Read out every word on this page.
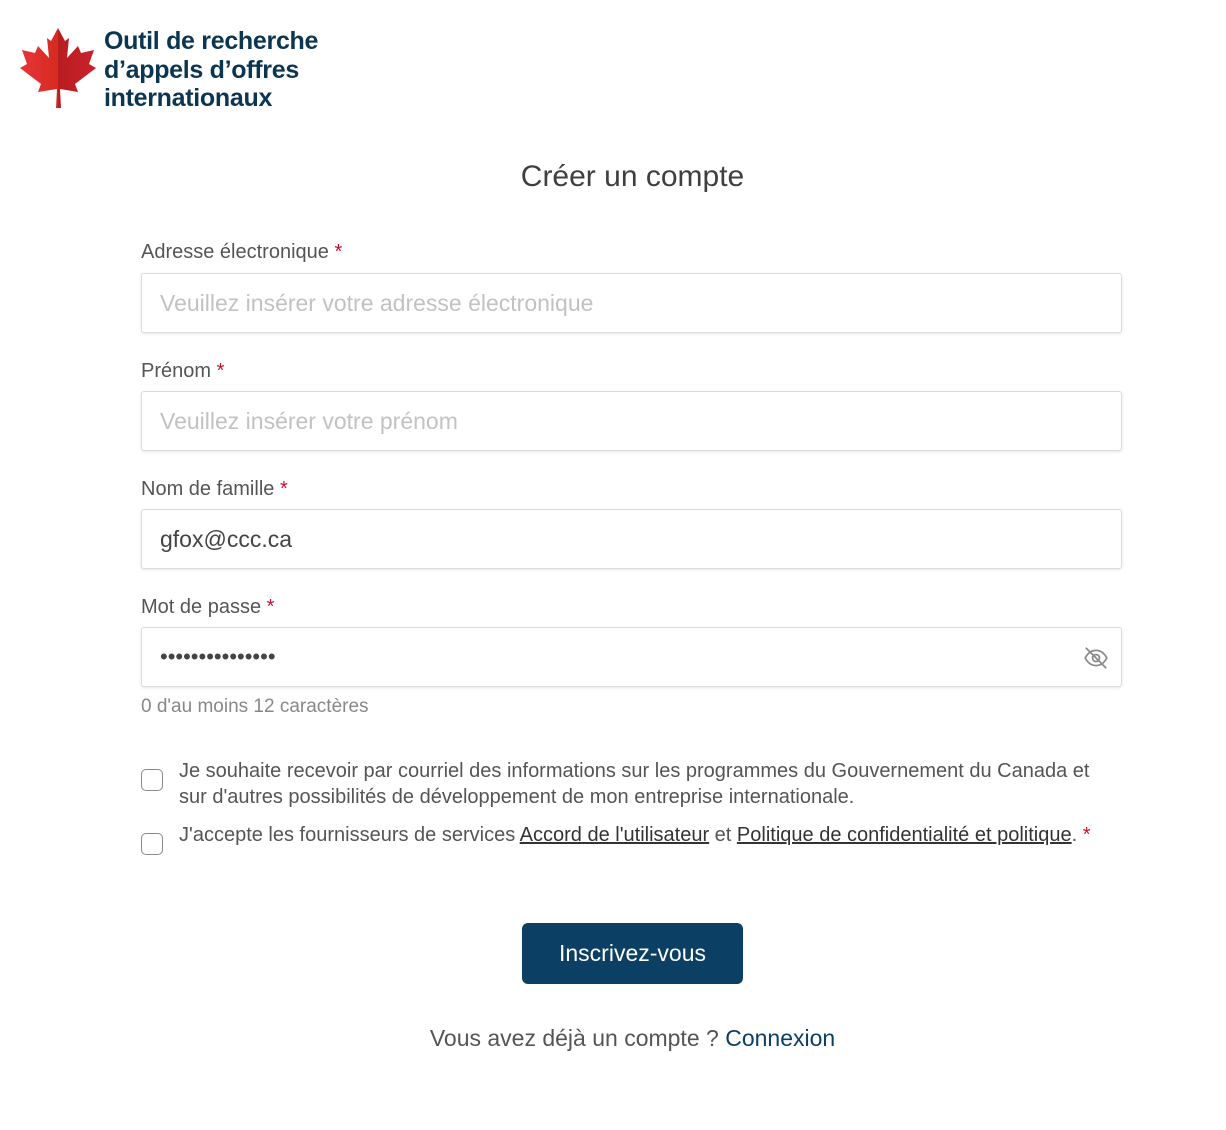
Outil de recherche
d’appels d’offres
internationaux
Créer un compte
Adresse électronique *
Veuillez insérer votre adresse électronique
Prénom *
Veuillez insérer votre prénom
Nom de famille *
gfox@ccc.ca
Mot de passe *
•••••••••••••••
0 d'au moins 12 caractères
Je souhaite recevoir par courriel des informations sur les programmes du Gouvernement du Canada et sur d'autres possibilités de développement de mon entreprise internationale.
J'accepte les fournisseurs de services Accord de l'utilisateur et Politique de confidentialité et politique. *
Inscrivez-vous
Vous avez déjà un compte ? Connexion
